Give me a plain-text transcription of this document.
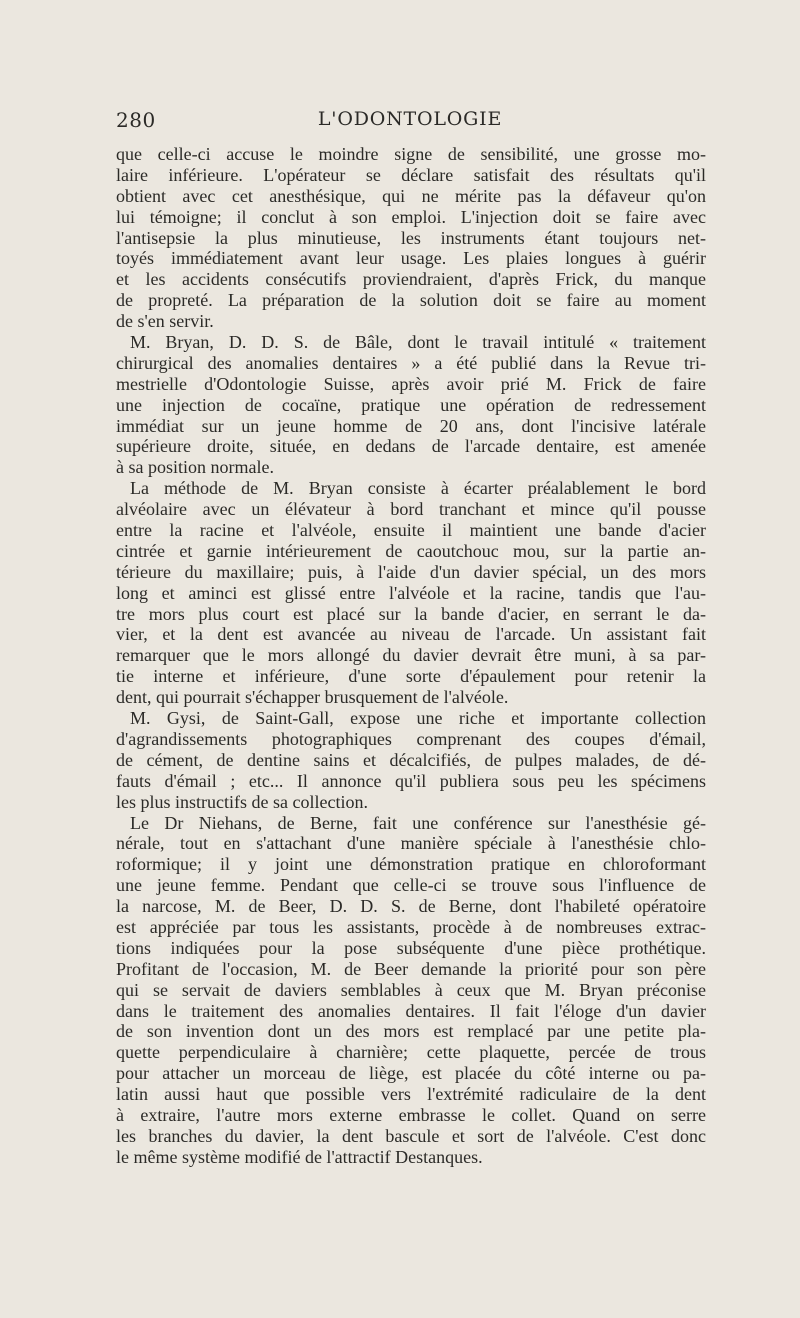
280	L'ODONTOLOGIE
que celle-ci accuse le moindre signe de sensibilité, une grosse mo-
laire inférieure. L'opérateur se déclare satisfait des résultats qu'il
obtient avec cet anesthésique, qui ne mérite pas la défaveur qu'on
lui témoigne; il conclut à son emploi. L'injection doit se faire avec
l'antisepsie la plus minutieuse, les instruments étant toujours net-
toyés immédiatement avant leur usage. Les plaies longues à guérir
et les accidents consécutifs proviendraient, d'après Frick, du manque
de propreté. La préparation de la solution doit se faire au moment
de s'en servir.
M. Bryan, D. D. S. de Bâle, dont le travail intitulé « traitement
chirurgical des anomalies dentaires » a été publié dans la Revue tri-
mestrielle d'Odontologie Suisse, après avoir prié M. Frick de faire
une injection de cocaïne, pratique une opération de redressement
immédiat sur un jeune homme de 20 ans, dont l'incisive latérale
supérieure droite, située, en dedans de l'arcade dentaire, est amenée
à sa position normale.
La méthode de M. Bryan consiste à écarter préalablement le bord
alvéolaire avec un élévateur à bord tranchant et mince qu'il pousse
entre la racine et l'alvéole, ensuite il maintient une bande d'acier
cintrée et garnie intérieurement de caoutchouc mou, sur la partie an-
térieure du maxillaire; puis, à l'aide d'un davier spécial, un des mors
long et aminci est glissé entre l'alvéole et la racine, tandis que l'au-
tre mors plus court est placé sur la bande d'acier, en serrant le da-
vier, et la dent est avancée au niveau de l'arcade. Un assistant fait
remarquer que le mors allongé du davier devrait être muni, à sa par-
tie interne et inférieure, d'une sorte d'épaulement pour retenir la
dent, qui pourrait s'échapper brusquement de l'alvéole.
M. Gysi, de Saint-Gall, expose une riche et importante collection
d'agrandissements photographiques comprenant des coupes d'émail,
de cément, de dentine sains et décalcifiés, de pulpes malades, de dé-
fauts d'émail ; etc... Il annonce qu'il publiera sous peu les spécimens
les plus instructifs de sa collection.
Le Dr Niehans, de Berne, fait une conférence sur l'anesthésie gé-
nérale, tout en s'attachant d'une manière spéciale à l'anesthésie chlo-
roformique; il y joint une démonstration pratique en chloroformant
une jeune femme. Pendant que celle-ci se trouve sous l'influence de
la narcose, M. de Beer, D. D. S. de Berne, dont l'habileté opératoire
est appréciée par tous les assistants, procède à de nombreuses extrac-
tions indiquées pour la pose subséquente d'une pièce prothétique.
Profitant de l'occasion, M. de Beer demande la priorité pour son père
qui se servait de daviers semblables à ceux que M. Bryan préconise
dans le traitement des anomalies dentaires. Il fait l'éloge d'un davier
de son invention dont un des mors est remplacé par une petite pla-
quette perpendiculaire à charnière; cette plaquette, percée de trous
pour attacher un morceau de liège, est placée du côté interne ou pa-
latin aussi haut que possible vers l'extrémité radiculaire de la dent
à extraire, l'autre mors externe embrasse le collet. Quand on serre
les branches du davier, la dent bascule et sort de l'alvéole. C'est donc
le même système modifié de l'attractif Destanques.
